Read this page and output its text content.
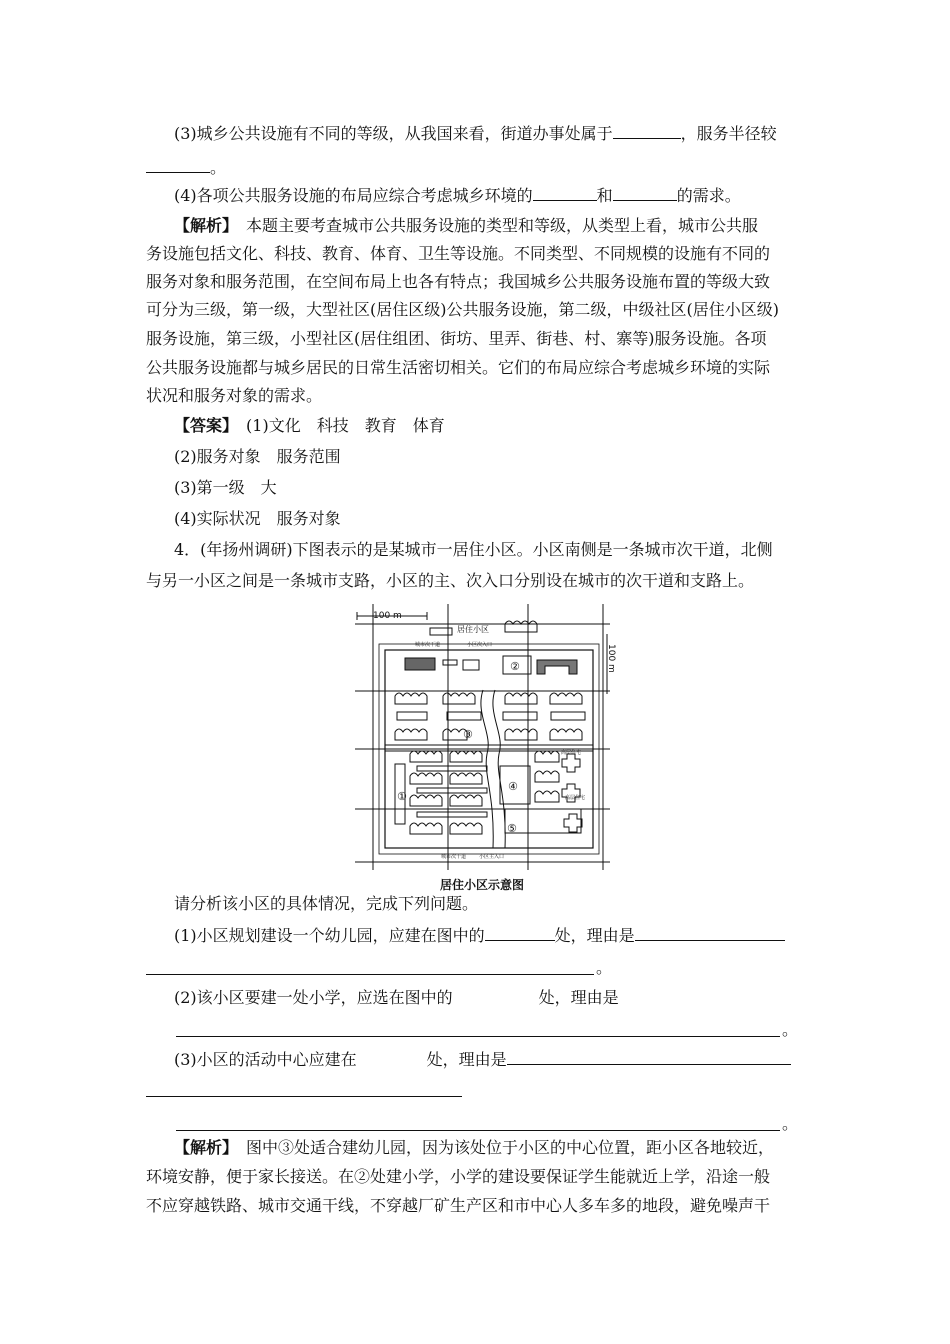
(3)城乡公共设施有不同的等级，从我国来看，街道办事处属于	，服务半径较
。
(4)各项公共服务设施的布局应综合考虑城乡环境的	和	的需求。
【解析】　 本题主要考查城市公共服务设施的类型和等级，从类型上看，城市公共服
务设施包括文化、科技、教育、体育、卫生等设施。不同类型、不同规模的设施有不同的
服务对象和服务范围，在空间布局上也各有特点；我国城乡公共服务设施布置的等级大致
可分为三级，第一级，大型社区(居住区级)公共服务设施，第二级，中级社区(居住小区级)
服务设施，第三级，小型社区(居住组团、街坊、里弄、街巷、村、寨等)服务设施。各项
公共服务设施都与城乡居民的日常生活密切相关。它们的布局应综合考虑城乡环境的实际
状况和服务对象的需求。
【答案】　 (1)文化　科技　教育　体育
(2)服务对象　服务范围
(3)第一级　大
(4)实际状况　服务对象
4．(年扬州调研)下图表示的是某城市一居住小区。小区南侧是一条城市次干道，北侧
与另一小区之间是一条城市支路，小区的主、次入口分别设在城市的次干道和支路上。
100 m
100 m
居住小区
城市次干道	小区次入口
城市次干道	小区主入口
高层住宅
高层住宅
①
②
③
④
⑤
居住小区示意图
请分析该小区的具体情况，完成下列问题。
(1)小区规划建设一个幼儿园，应建在图中的	处，理由是
。
(2)该小区要建一处小学，应选在图中的	处，理由是
。
(3)小区的活动中心应建在	处，理由是
。
【解析】　 图中③处适合建幼儿园，因为该处位于小区的中心位置，距小区各地较近，
环境安静，便于家长接送。在②处建小学，小学的建设要保证学生能就近上学，沿途一般
不应穿越铁路、城市交通干线，不穿越厂矿生产区和市中心人多车多的地段，避免噪声干
